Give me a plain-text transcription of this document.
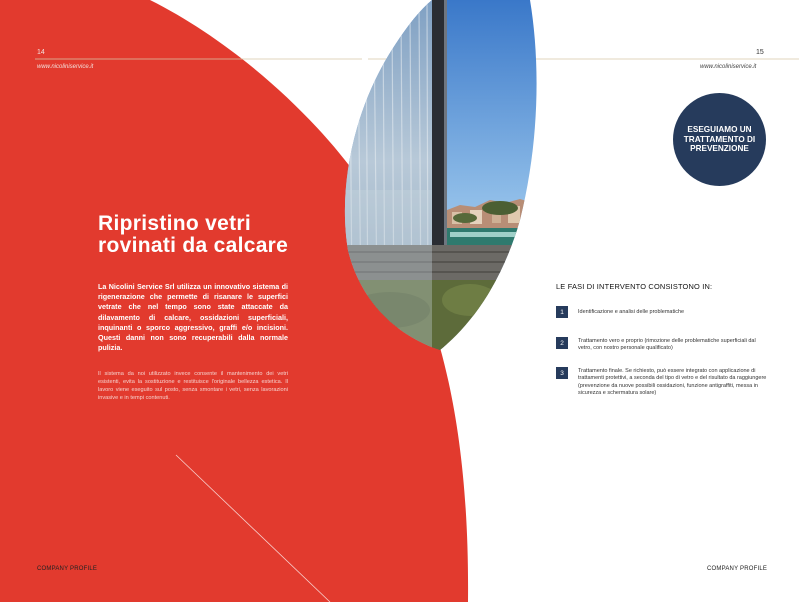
14
www.nicoliniservice.it
Ripristino vetri
rovinati da calcare
La Nicolini Service Srl utilizza un innovativo sistema di rigenerazione che permette di risanare le superfici vetrate che nel tempo sono state attaccate da dilavamento di calcare, ossidazioni superficiali, inquinanti o sporco aggressivo, graffi e/o incisioni. Questi danni non sono recuperabili dalla normale pulizia.
Il sistema da noi utilizzato invece consente il mantenimento dei vetri esistenti, evita la sostituzione e restituisce l'originale bellezza estetica. Il lavoro viene eseguito sul posto, senza smontare i vetri, senza lavorazioni invasive e in tempi contenuti.
COMPANY PROFILE
15
www.nicoliniservice.it
ESEGUIAMO UN TRATTAMENTO DI PREVENZIONE
LE FASI DI INTERVENTO CONSISTONO IN:
1	Identificazione e analisi delle problematiche
2	Trattamento vero e proprio (rimozione delle problematiche superficiali dal vetro, con nostro personale qualificato)
3	Trattamento finale. Se richiesto, può essere integrato con applicazione di trattamenti protettivi, a seconda del tipo di vetro e del risultato da raggiungere (prevenzione da nuove possibili ossidazioni, funzione antigraffiti, messa in sicurezza e schermatura solare)
COMPANY PROFILE
